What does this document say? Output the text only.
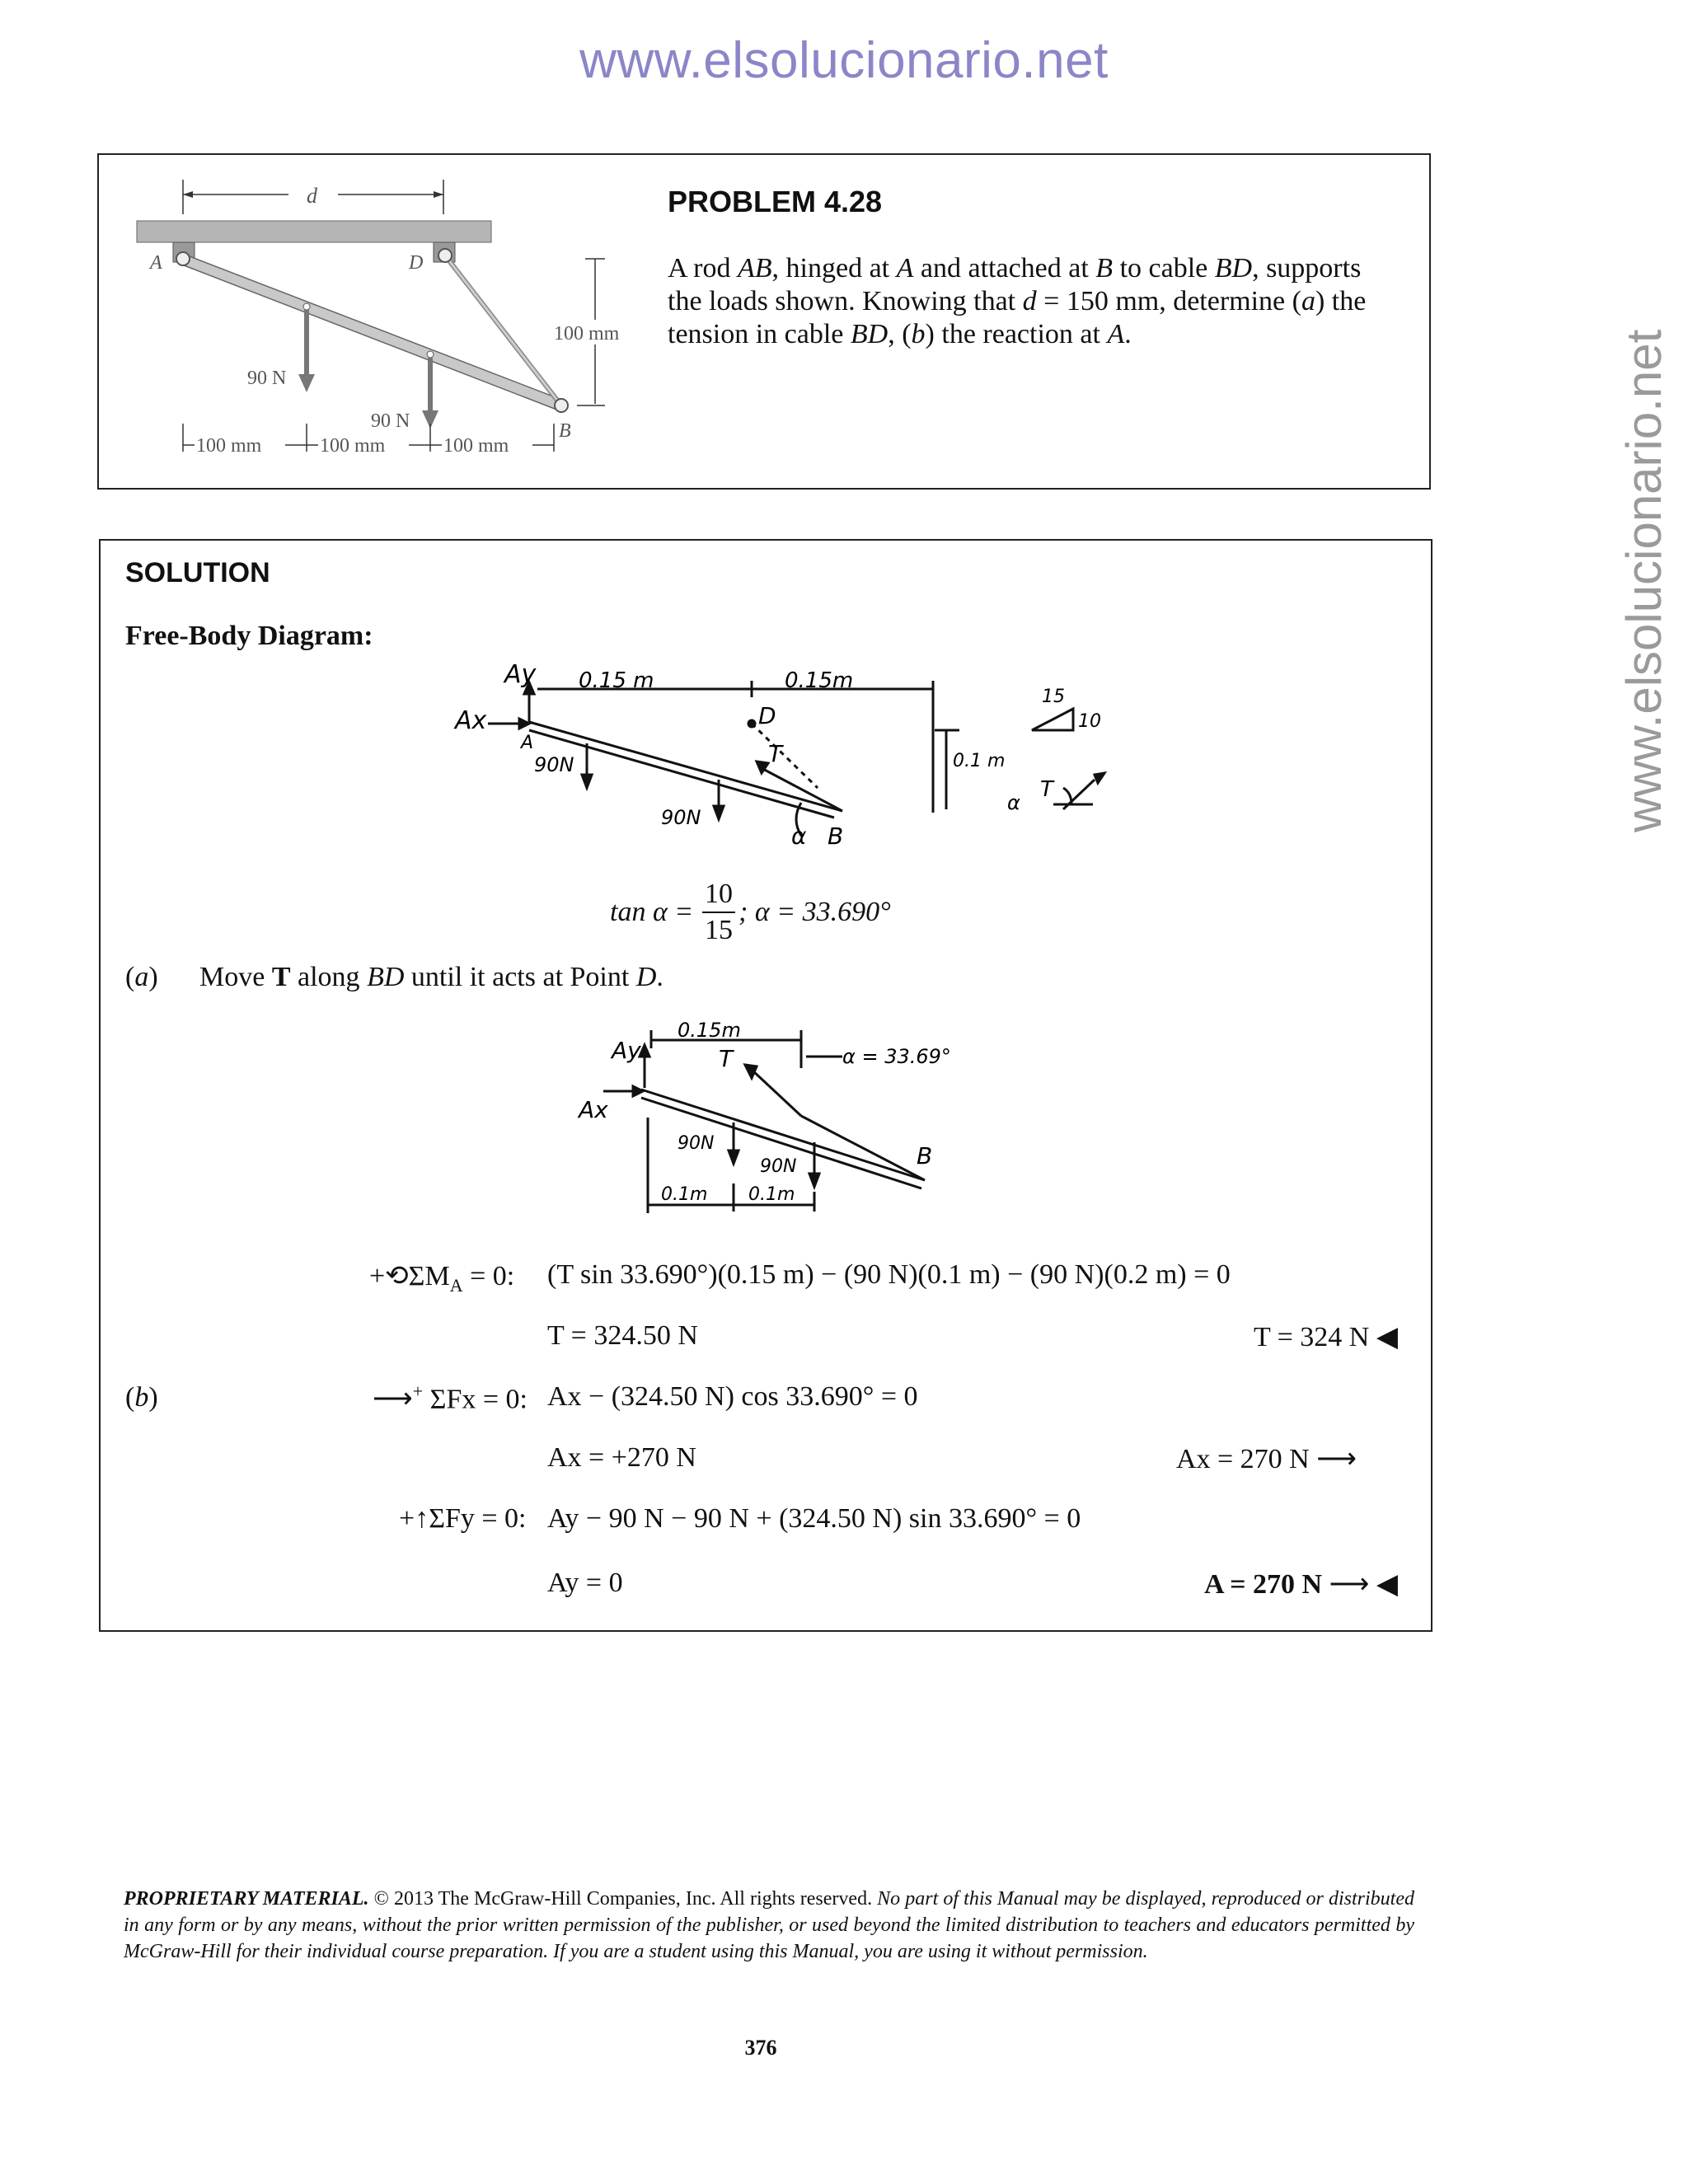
www.elsolucionario.net
www.elsolucionario.net
d
A	D
B
90 N
90 N
100 mm
100 mm	100 mm	100 mm
PROBLEM 4.28
A rod AB, hinged at A and attached at B to cable BD, supports the loads shown. Knowing that d = 150 mm, determine (a) the tension in cable BD, (b) the reaction at A.
SOLUTION
Free-Body Diagram:
Ay
Ax
A
0.15 m	0.15m
D
90N
90N
T	0.1 m
B
α
15
10
T
α
tan α =
10
15
; α = 33.690°
(a) Move T along BD until it acts at Point D.
Ay
Ax
0.15m
T	α = 33.69°
90N
90N	B
0.1m 0.1m
$+⟲\Sigma M_A = 0$: (T sin 33.690°)(0.15 m) − (90 N)(0.1 m) − (90 N)(0.2 m) = 0
T = 324.50 N	T = 324 N ◀
(b)	⟶+ ΣFx = 0: Ax − (324.50 N) cos 33.690° = 0
Ax = +270 N	Ax = 270 N ⟶
+↑ΣFy = 0: Ay − 90 N − 90 N + (324.50 N) sin 33.690° = 0
Ay = 0	A = 270 N ⟶ ◀
PROPRIETARY MATERIAL. © 2013 The McGraw-Hill Companies, Inc. All rights reserved. No part of this Manual may be displayed, reproduced or distributed in any form or by any means, without the prior written permission of the publisher, or used beyond the limited distribution to teachers and educators permitted by McGraw-Hill for their individual course preparation. If you are a student using this Manual, you are using it without permission.
376
